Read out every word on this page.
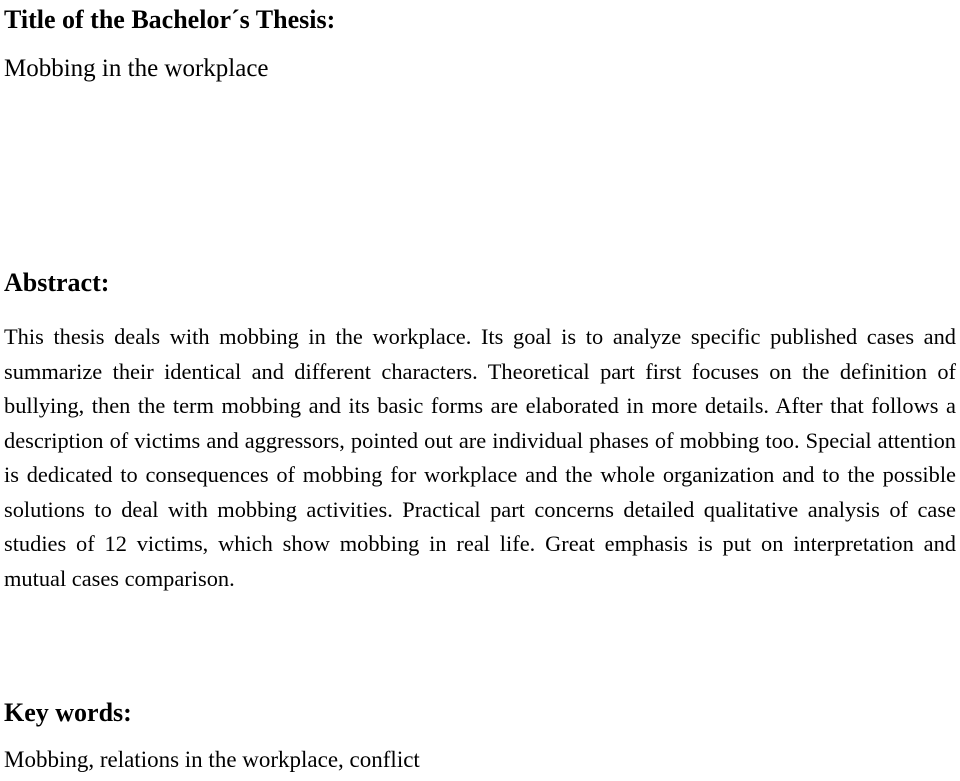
Title of the Bachelor´s Thesis:

Mobbing in the workplace

Abstract:

This thesis deals with mobbing in the workplace. Its goal is to analyze specific published cases and summarize their identical and different characters. Theoretical part first focuses on the definition of bullying, then the term mobbing and its basic forms are elaborated in more details. After that follows a description of victims and aggressors, pointed out are individual phases of mobbing too. Special attention is dedicated to consequences of mobbing for workplace and the whole organization and to the possible solutions to deal with mobbing activities. Practical part concerns detailed qualitative analysis of case studies of 12 victims, which show mobbing in real life. Great emphasis is put on interpretation and mutual cases comparison.

Key words:

Mobbing, relations in the workplace, conflict
